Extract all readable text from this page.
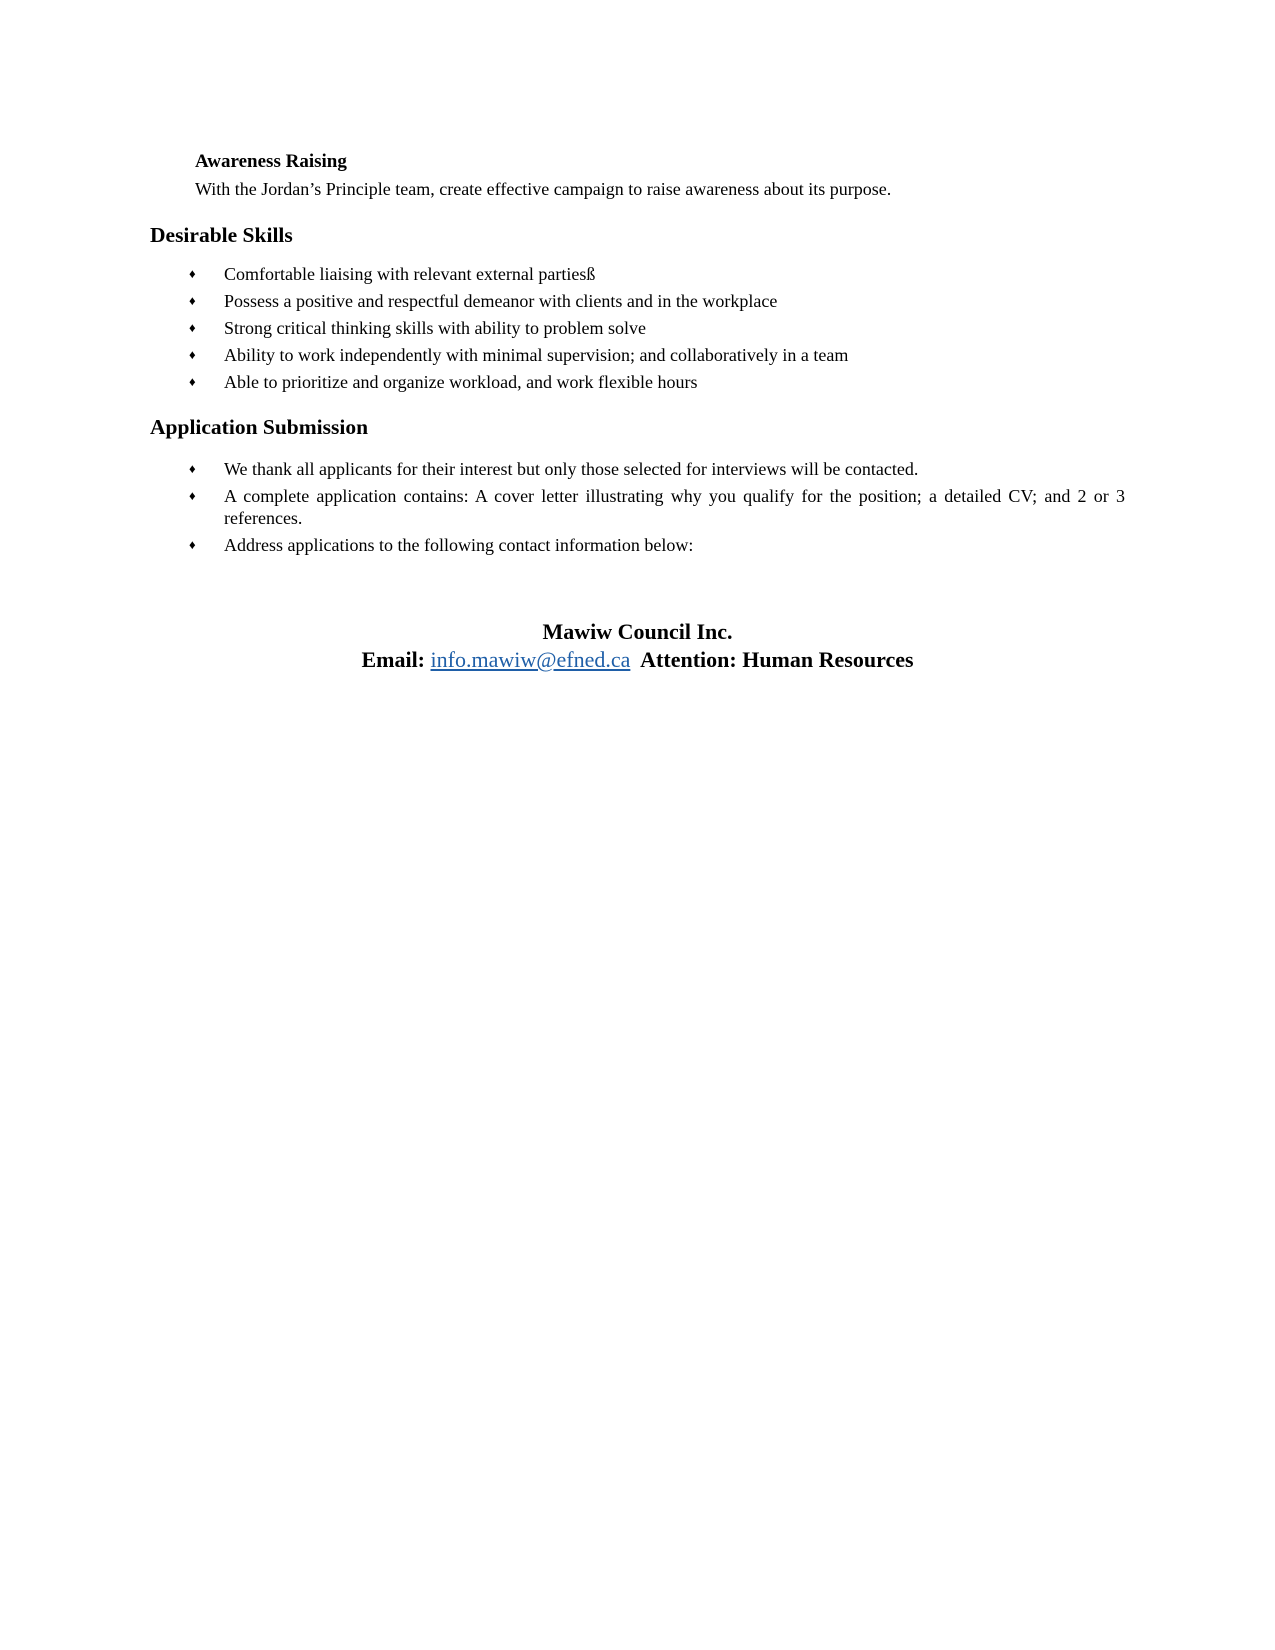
Awareness Raising
With the Jordan’s Principle team, create effective campaign to raise awareness about its purpose.
Desirable Skills
♦ Comfortable liaising with relevant external partiesß
♦ Possess a positive and respectful demeanor with clients and in the workplace
♦ Strong critical thinking skills with ability to problem solve
♦ Ability to work independently with minimal supervision; and collaboratively in a team
♦ Able to prioritize and organize workload, and work flexible hours
Application Submission
♦ We thank all applicants for their interest but only those selected for interviews will be contacted.
♦ A complete application contains: A cover letter illustrating why you qualify for the position; a detailed CV; and 2 or 3 references.
♦ Address applications to the following contact information below:
Mawiw Council Inc.
Email: info.mawiw@efned.ca Attention: Human Resources
